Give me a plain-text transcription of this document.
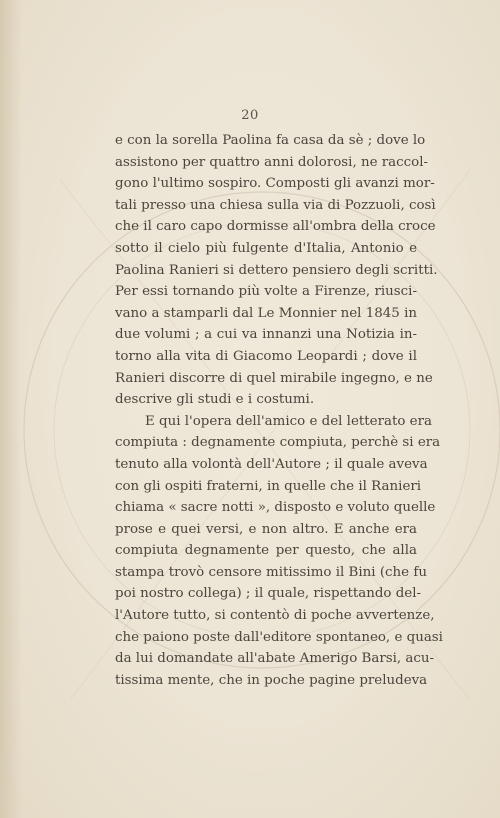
20
e con la sorella Paolina fa casa da sè ; dove lo
assistono per quattro anni dolorosi, ne raccol-
gono l'ultimo sospiro. Composti gli avanzi mor-
tali presso una chiesa sulla via di Pozzuoli, così
che il caro capo dormisse all'ombra della croce
sotto il cielo più fulgente d'Italia, Antonio e
Paolina Ranieri si dettero pensiero degli scritti.
Per essi tornando più volte a Firenze, riusci-
vano a stamparli dal Le Monnier nel 1845 in
due volumi ; a cui va innanzi una Notizia in-
torno alla vita di Giacomo Leopardi ; dove il
Ranieri discorre di quel mirabile ingegno, e ne
descrive gli studi e i costumi.
E qui l'opera dell'amico e del letterato era
compiuta : degnamente compiuta, perchè si era
tenuto alla volontà dell'Autore ; il quale aveva
con gli ospiti fraterni, in quelle che il Ranieri
chiama « sacre notti », disposto e voluto quelle
prose e quei versi, e non altro. E anche era
compiuta degnamente per questo, che alla
stampa trovò censore mitissimo il Bini (che fu
poi nostro collega) ; il quale, rispettando del-
l'Autore tutto, si contentò di poche avvertenze,
che paiono poste dall'editore spontaneo, e quasi
da lui domandate all'abate Amerigo Barsi, acu-
tissima mente, che in poche pagine preludeva
